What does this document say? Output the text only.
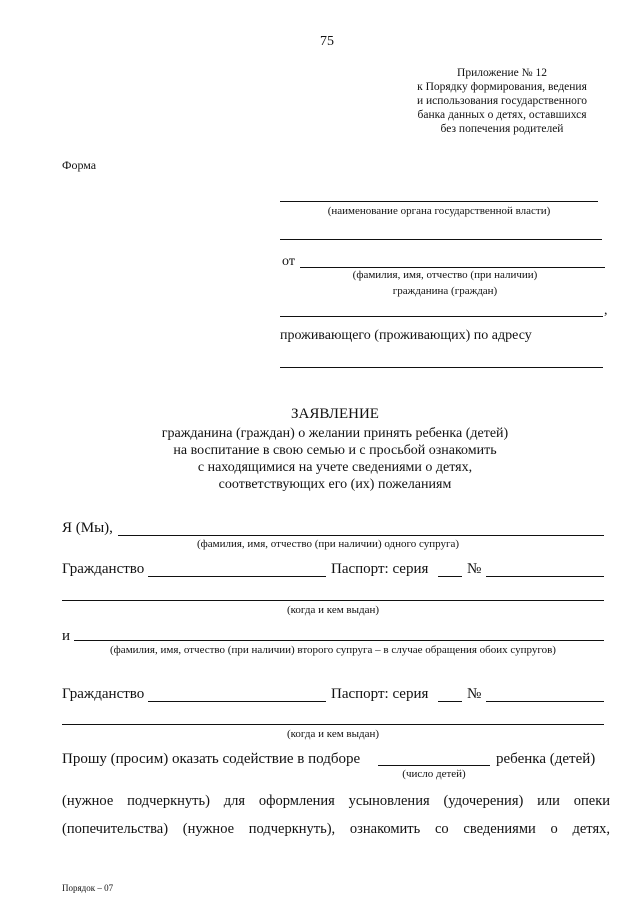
75
Приложение № 12
к Порядку формирования, ведения
и использования государственного
банка данных о детях, оставшихся
без попечения родителей
Форма
(наименование органа государственной власти)
от
(фамилия, имя, отчество (при наличии)
гражданина (граждан)
,
проживающего (проживающих) по адресу
ЗАЯВЛЕНИЕ
гражданина (граждан) о желании принять ребенка (детей)
на воспитание в свою семью и с просьбой ознакомить
с находящимися на учете сведениями о детях,
соответствующих его (их) пожеланиям
Я (Мы),
(фамилия, имя, отчество (при наличии) одного супруга)
Гражданство	Паспорт: серия	№
(когда и кем выдан)
и
(фамилия, имя, отчество (при наличии) второго супруга – в случае обращения обоих супругов)
Гражданство	Паспорт: серия	№
(когда и кем выдан)
Прошу (просим) оказать содействие в подборе	ребенка (детей)
(число детей)
(нужное подчеркнуть) для оформления усыновления (удочерения) или опеки
(попечительства) (нужное подчеркнуть), ознакомить со сведениями о детях,
Порядок – 07
